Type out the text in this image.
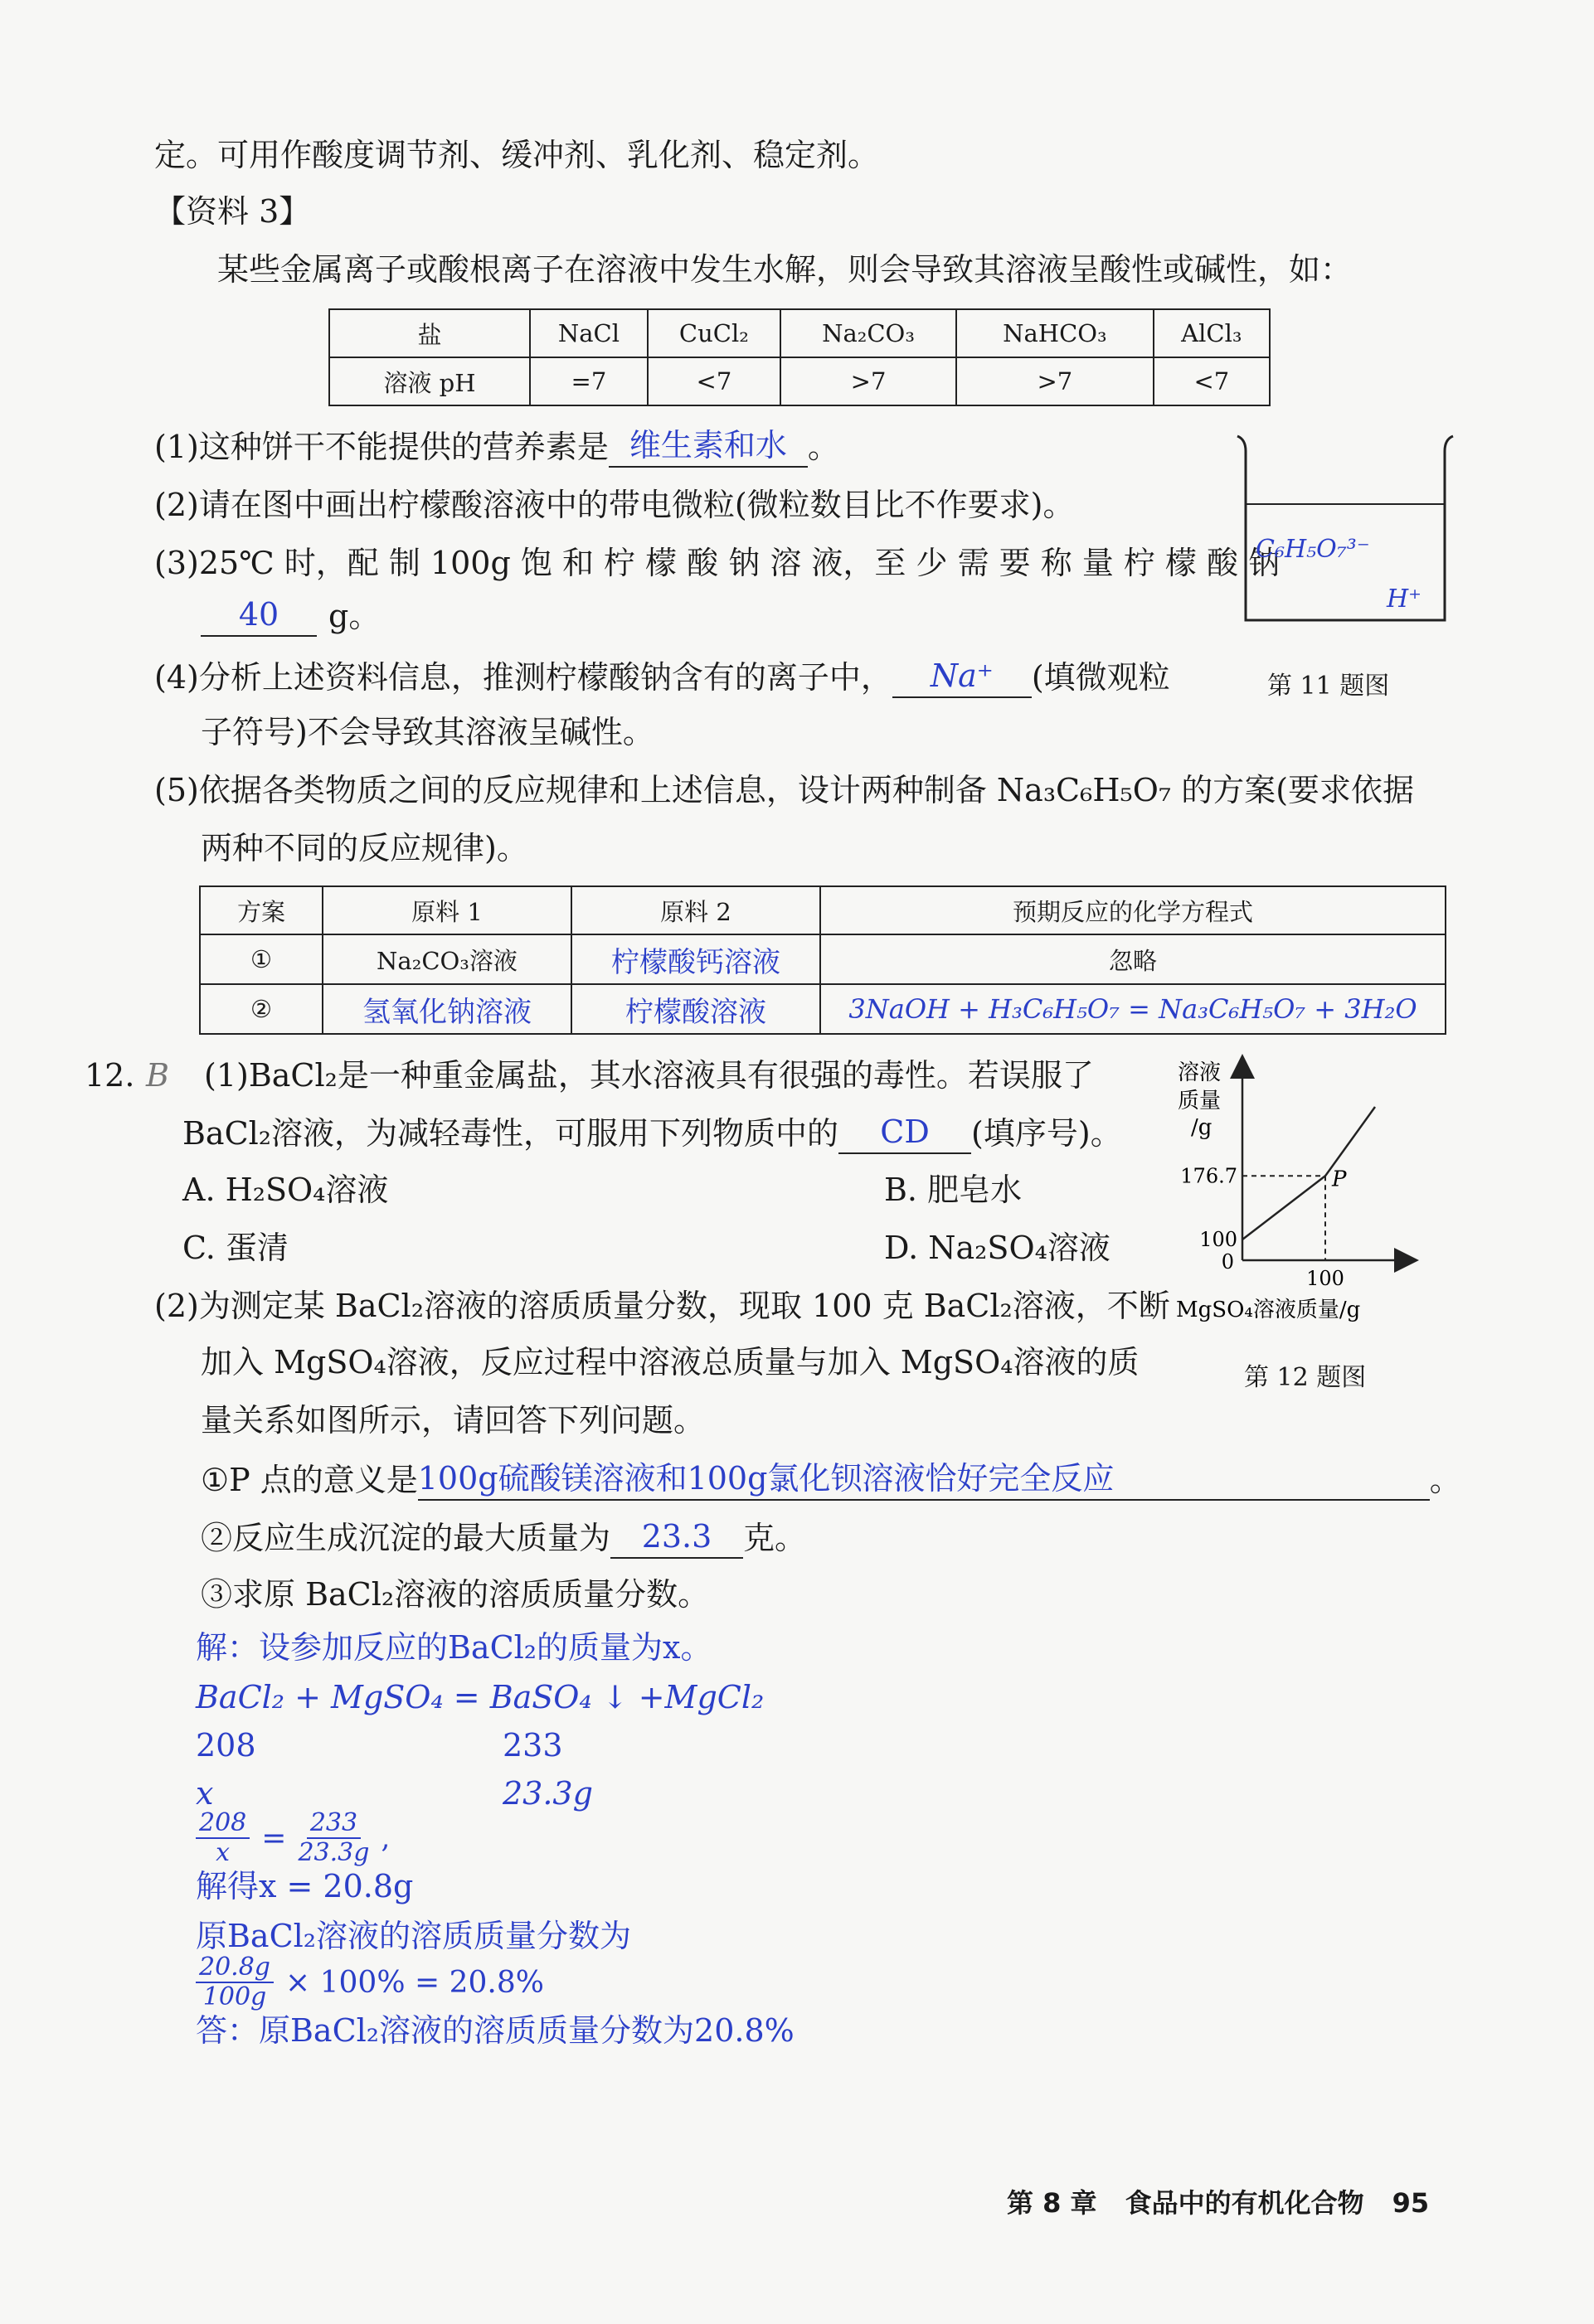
定。可用作酸度调节剂、缓冲剂、乳化剂、稳定剂。
【资料 3】
某些金属离子或酸根离子在溶液中发生水解，则会导致其溶液呈酸性或碱性，如：
盐	NaCl	CuCl₂	Na₂CO₃	NaHCO₃	AlCl₃
溶液 pH	=7	<7	>7	>7	<7
(1)这种饼干不能提供的营养素是 维生素和水 。
(2)请在图中画出柠檬酸溶液中的带电微粒(微粒数目比不作要求)。
(3)25℃ 时，配 制 100g 饱 和 柠 檬 酸 钠 溶 液，至 少 需 要 称 量 柠 檬 酸 钠
40 g。
(4)分析上述资料信息，推测柠檬酸钠含有的离子中， Na⁺ (填微观粒
子符号)不会导致其溶液呈碱性。
(5)依据各类物质之间的反应规律和上述信息，设计两种制备 Na₃C₆H₅O₇ 的方案(要求依据
两种不同的反应规律)。
C₆H₅O₇³⁻
H⁺
第 11 题图
方案	原料 1	原料 2	预期反应的化学方程式
①	Na₂CO₃溶液	柠檬酸钙溶液	忽略
②	氢氧化钠溶液	柠檬酸溶液	3NaOH + H₃C₆H₅O₇ = Na₃C₆H₅O₇ + 3H₂O
12. B (1)BaCl₂是一种重金属盐，其水溶液具有很强的毒性。若误服了
BaCl₂溶液，为减轻毒性，可服用下列物质中的 CD (填序号)。
A. H₂SO₄溶液	B. 肥皂水
C. 蛋清	D. Na₂SO₄溶液
(2)为测定某 BaCl₂溶液的溶质质量分数，现取 100 克 BaCl₂溶液，不断
加入 MgSO₄溶液，反应过程中溶液总质量与加入 MgSO₄溶液的质
量关系如图所示，请回答下列问题。
①P 点的意义是100g硫酸镁溶液和100g氯化钡溶液恰好完全反应	。
②反应生成沉淀的最大质量为 23.3 克。
③求原 BaCl₂溶液的溶质质量分数。
溶液
质量
/g
176.7
100
0
100
MgSO₄溶液质量/g
P
第 12 题图
解：设参加反应的BaCl₂的质量为x。
BaCl₂ + MgSO₄ = BaSO₄ ↓ +MgCl₂
208	233
x	23.3g
$\frac{208}{x} = \frac{233}{23.3g}$ ,
解得x = 20.8g
原BaCl₂溶液的溶质质量分数为
$\frac{20.8g}{100g} \times 100\% = 20.8\%$
答：原BaCl₂溶液的溶质质量分数为20.8%
第 8 章 食品中的有机化合物 95
